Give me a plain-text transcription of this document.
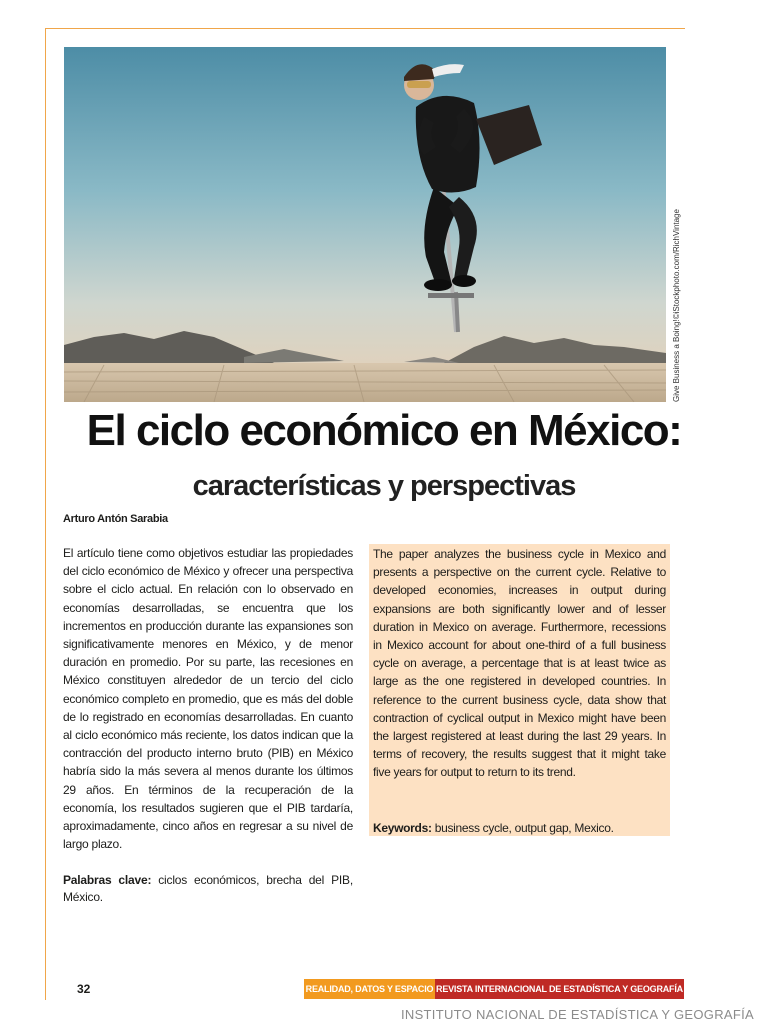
Give Business a Boing!©iStockphoto.com/RichVintage
El ciclo económico en México:
características y perspectivas
Arturo Antón Sarabia

El artículo tiene como objetivos estudiar las propiedades del ciclo económico de México y ofrecer una perspectiva sobre el ciclo actual. En relación con lo observado en economías desarrolladas, se encuentra que los incrementos en producción durante las expansiones son significativamente menores en México, y de menor duración en promedio. Por su parte, las recesiones en México constituyen alrededor de un tercio del ciclo económico completo en promedio, que es más del doble de lo registrado en economías desarrolladas. En cuanto al ciclo económico más reciente, los datos indican que la contracción del producto interno bruto (PIB) en México habría sido la más severa al menos durante los últimos 29 años. En términos de la recuperación de la economía, los resultados sugieren que el PIB tardaría, aproximadamente, cinco años en regresar a su nivel de largo plazo.

Palabras clave: ciclos económicos, brecha del PIB, México.

The paper analyzes the business cycle in Mexico and presents a perspective on the current cycle. Relative to developed economies, increases in output during expansions are both significantly lower and of lesser duration in Mexico on average. Furthermore, recessions in Mexico account for about one-third of a full business cycle on average, a percentage that is at least twice as large as the one registered in developed countries. In reference to the current business cycle, data show that contraction of cyclical output in Mexico might have been the largest registered at least during the last 29 years. In terms of recovery, the results suggest that it might take five years for output to return to its trend.

Keywords: business cycle, output gap, Mexico.
32	REALIDAD, DATOS Y ESPACIO REVISTA INTERNACIONAL DE ESTADÍSTICA Y GEOGRAFÍA
INSTITUTO NACIONAL DE ESTADÍSTICA Y GEOGRAFÍA
